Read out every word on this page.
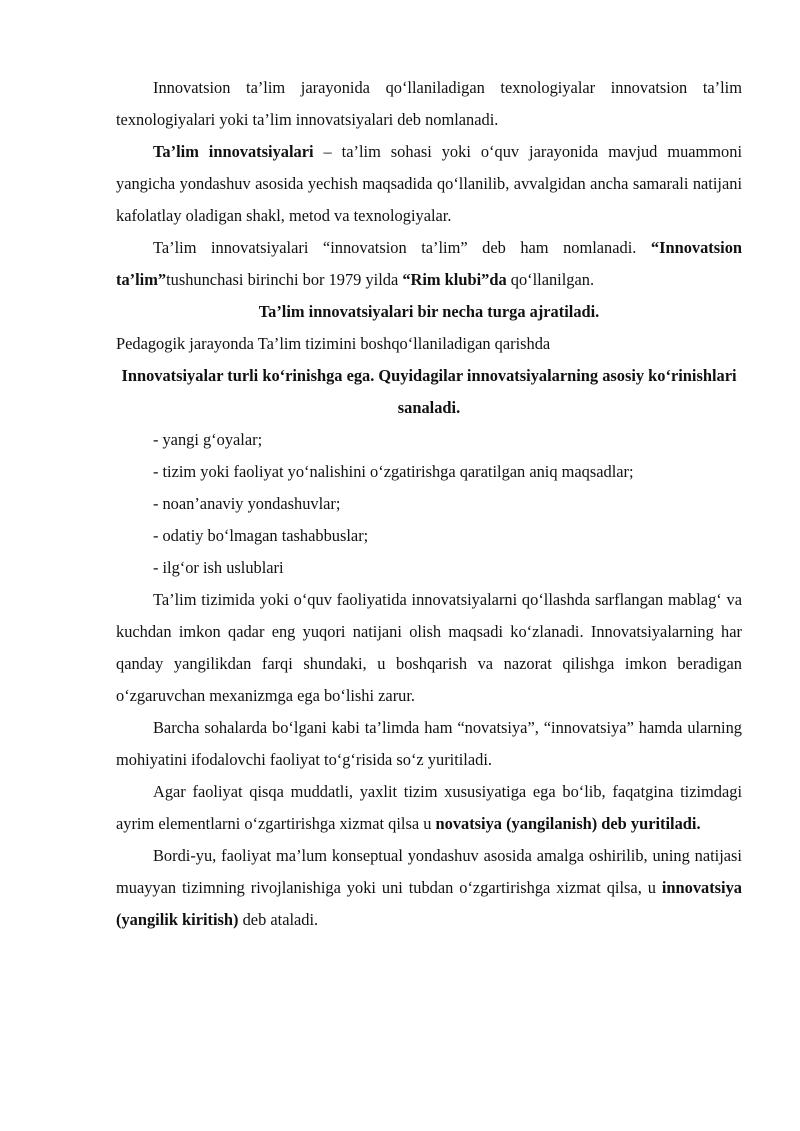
Innovatsion ta’lim jarayonida qo‘llaniladigan texnologiyalar innovatsion ta’lim texnologiyalari yoki ta’lim innovatsiyalari deb nomlanadi.

Ta’lim innovatsiyalari – ta’lim sohasi yoki o‘quv jarayonida mavjud muammoni yangicha yondashuv asosida yechish maqsadida qo‘llanilib, avvalgidan ancha samarali natijani kafolatlay oladigan shakl, metod va texnologiyalar.

Ta’lim innovatsiyalari “innovatsion ta’lim” deb ham nomlanadi. “Innovatsion ta’lim”tushunchasi birinchi bor 1979 yilda “Rim klubi”da qo‘llanilgan.

Ta’lim innovatsiyalari bir necha turga ajratiladi.

Pedagogik jarayonda Ta’lim tizimini boshqo‘llaniladigan qarishda

Innovatsiyalar turli ko‘rinishga ega. Quyidagilar innovatsiyalarning asosiy ko‘rinishlari sanaladi.

- yangi g‘oyalar;
- tizim yoki faoliyat yo‘nalishini o‘zgatirishga qaratilgan aniq maqsadlar;
- noan’anaviy yondashuvlar;
- odatiy bo‘lmagan tashabbuslar;
- ilg‘or ish uslublari

Ta’lim tizimida yoki o‘quv faoliyatida innovatsiyalarni qo‘llashda sarflangan mablag‘ va kuchdan imkon qadar eng yuqori natijani olish maqsadi ko‘zlanadi. Innovatsiyalarning har qanday yangilikdan farqi shundaki, u boshqarish va nazorat qilishga imkon beradigan o‘zgaruvchan mexanizmga ega bo‘lishi zarur.

Barcha sohalarda bo‘lgani kabi ta’limda ham “novatsiya”, “innovatsiya” hamda ularning mohiyatini ifodalovchi faoliyat to‘g‘risida so‘z yuritiladi.

Agar faoliyat qisqa muddatli, yaxlit tizim xususiyatiga ega bo‘lib, faqatgina tizimdagi ayrim elementlarni o‘zgartirishga xizmat qilsa u novatsiya (yangilanish) deb yuritiladi.

Bordi-yu, faoliyat ma’lum konseptual yondashuv asosida amalga oshirilib, uning natijasi muayyan tizimning rivojlanishiga yoki uni tubdan o‘zgartirishga xizmat qilsa, u innovatsiya (yangilik kiritish) deb ataladi.
